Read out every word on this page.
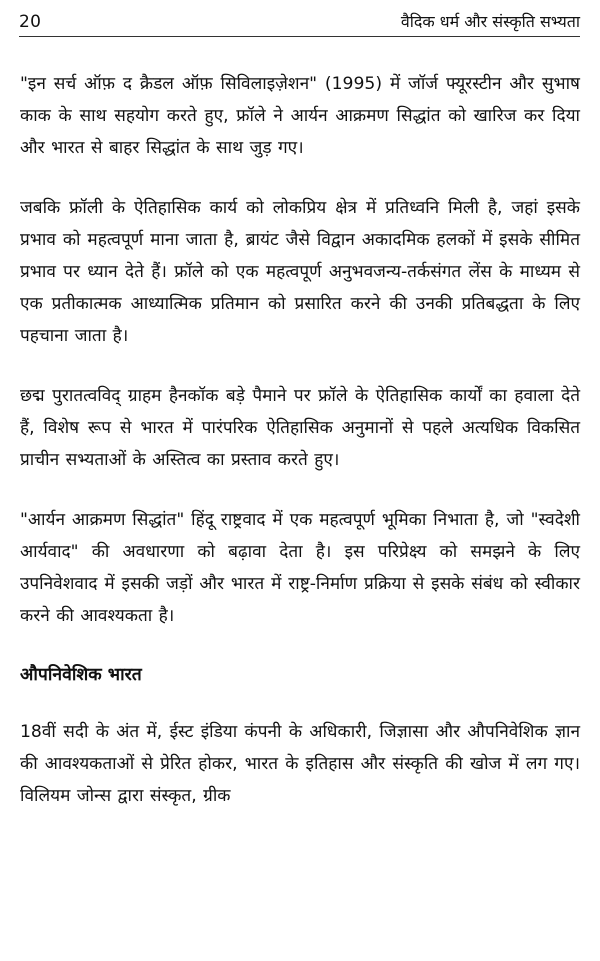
20	वैदिक धर्म और संस्कृति सभ्यता

"इन सर्च ऑफ़ द क्रैडल ऑफ़ सिविलाइज़ेशन" (1995) में जॉर्ज फ्यूरस्टीन और सुभाष काक के साथ सहयोग करते हुए, फ्रॉले ने आर्यन आक्रमण सिद्धांत को खारिज कर दिया और भारत से बाहर सिद्धांत के साथ जुड़ गए।

जबकि फ्रॉली के ऐतिहासिक कार्य को लोकप्रिय क्षेत्र में प्रतिध्वनि मिली है, जहां इसके प्रभाव को महत्वपूर्ण माना जाता है, ब्रायंट जैसे विद्वान अकादमिक हलकों में इसके सीमित प्रभाव पर ध्यान देते हैं। फ्रॉले को एक महत्वपूर्ण अनुभवजन्य-तर्कसंगत लेंस के माध्यम से एक प्रतीकात्मक आध्यात्मिक प्रतिमान को प्रसारित करने की उनकी प्रतिबद्धता के लिए पहचाना जाता है।

छद्म पुरातत्वविद् ग्राहम हैनकॉक बड़े पैमाने पर फ्रॉले के ऐतिहासिक कार्यों का हवाला देते हैं, विशेष रूप से भारत में पारंपरिक ऐतिहासिक अनुमानों से पहले अत्यधिक विकसित प्राचीन सभ्यताओं के अस्तित्व का प्रस्ताव करते हुए।

"आर्यन आक्रमण सिद्धांत" हिंदू राष्ट्रवाद में एक महत्वपूर्ण भूमिका निभाता है, जो "स्वदेशी आर्यवाद" की अवधारणा को बढ़ावा देता है। इस परिप्रेक्ष्य को समझने के लिए उपनिवेशवाद में इसकी जड़ों और भारत में राष्ट्र-निर्माण प्रक्रिया से इसके संबंध को स्वीकार करने की आवश्यकता है।

औपनिवेशिक भारत

18वीं सदी के अंत में, ईस्ट इंडिया कंपनी के अधिकारी, जिज्ञासा और औपनिवेशिक ज्ञान की आवश्यकताओं से प्रेरित होकर, भारत के इतिहास और संस्कृति की खोज में लग गए। विलियम जोन्स द्वारा संस्कृत, ग्रीक
